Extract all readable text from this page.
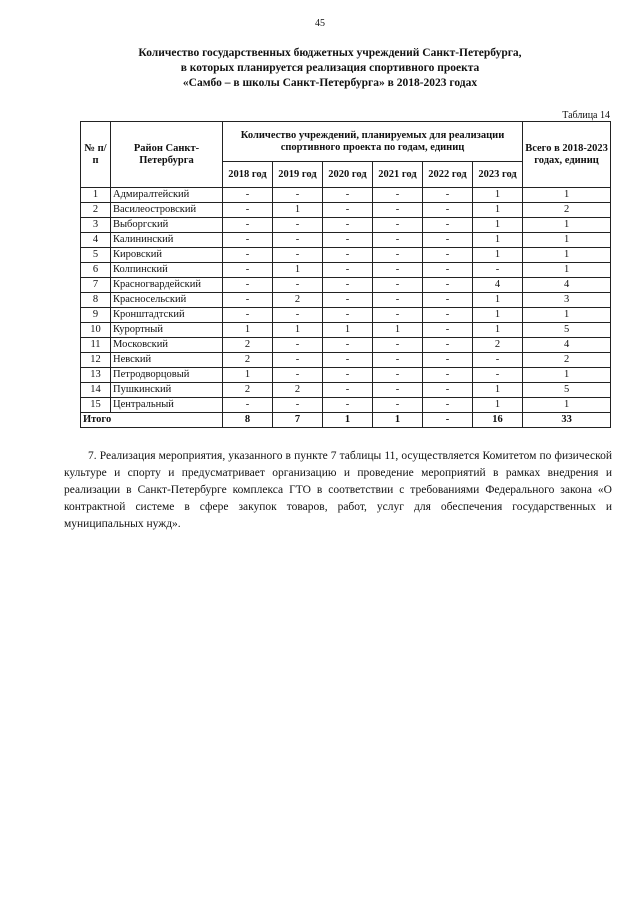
45
Количество государственных бюджетных учреждений Санкт-Петербурга,
в которых планируется реализация спортивного проекта
«Самбо – в школы Санкт-Петербурга» в 2018-2023 годах
Таблица 14
№ п/п	Район Санкт-Петербурга	Количество учреждений, планируемых для реализации спортивного проекта по годам, единиц						Всего в 2018-2023 годах, единиц
		2018 год	2019 год	2020 год	2021 год	2022 год	2023 год	
1	Адмиралтейский	-	-	-	-	-	1	1
2	Василеостровский	-	1	-	-	-	1	2
3	Выборгский	-	-	-	-	-	1	1
4	Калининский	-	-	-	-	-	1	1
5	Кировский	-	-	-	-	-	1	1
6	Колпинский	-	1	-	-	-	-	1
7	Красногвардейский	-	-	-	-	-	4	4
8	Красносельский	-	2	-	-	-	1	3
9	Кронштадтский	-	-	-	-	-	1	1
10	Курортный	1	1	1	1	-	1	5
11	Московский	2	-	-	-	-	2	4
12	Невский	2	-	-	-	-	-	2
13	Петродворцовый	1	-	-	-	-	-	1
14	Пушкинский	2	2	-	-	-	1	5
15	Центральный	-	-	-	-	-	1	1
Итого		8	7	1	1	-	16	33
7. Реализация мероприятия, указанного в пункте 7 таблицы 11, осуществляется Комитетом по физической культуре и спорту и предусматривает организацию и проведение мероприятий в рамках внедрения и реализации в Санкт-Петербурге комплекса ГТО в соответствии с требованиями Федерального закона «О контрактной системе в сфере закупок товаров, работ, услуг для обеспечения государственных и муниципальных нужд».
